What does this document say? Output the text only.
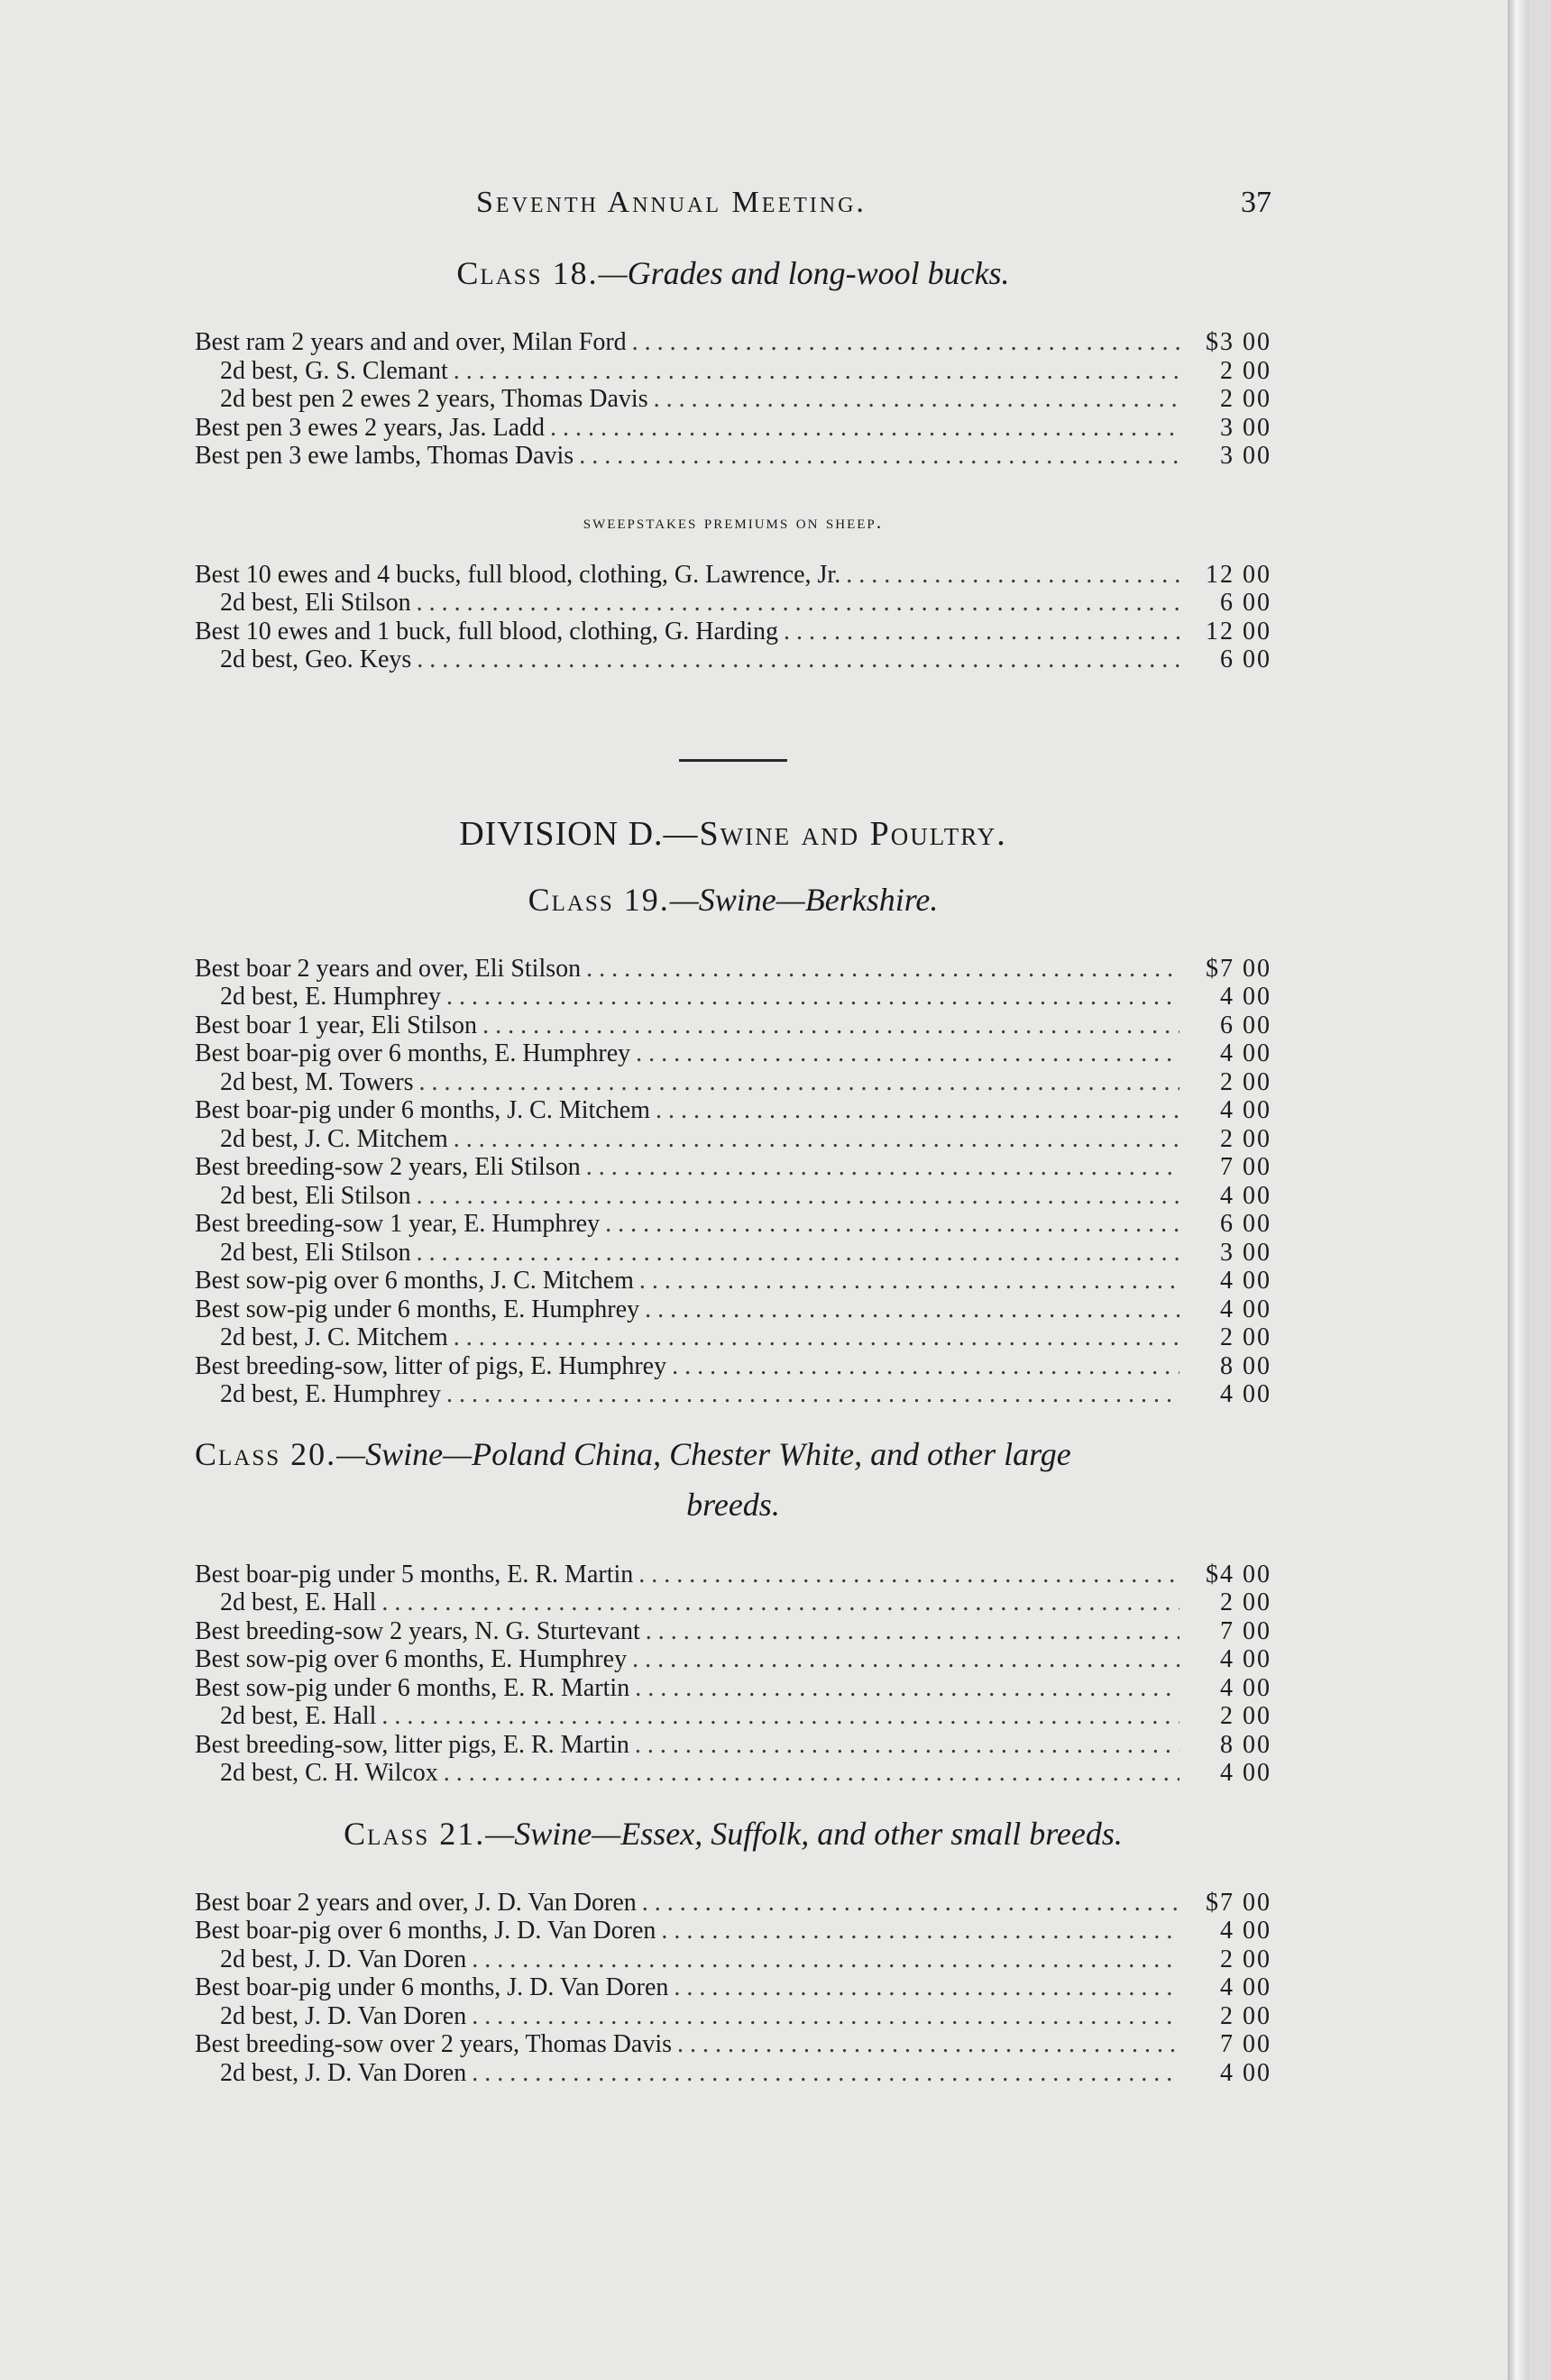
Seventh Annual Meeting.	37
Class 18.—Grades and long-wool bucks.
Best ram 2 years and and over, Milan Ford . . .	$3 00
2d best, G. S. Clemant . . .	2 00
2d best pen 2 ewes 2 years, Thomas Davis . . .	2 00
Best pen 3 ewes 2 years, Jas. Ladd . . .	3 00
Best pen 3 ewe lambs, Thomas Davis . . .	3 00
sweepstakes premiums on sheep.
Best 10 ewes and 4 bucks, full blood, clothing, G. Lawrence, Jr. . . .	12 00
2d best, Eli Stilson . . .	6 00
Best 10 ewes and 1 buck, full blood, clothing, G. Harding . . .	12 00
2d best, Geo. Keys . . .	6 00
DIVISION D.—Swine and Poultry.
Class 19.—Swine—Berkshire.
Best boar 2 years and over, Eli Stilson . . .	$7 00
2d best, E. Humphrey . . .	4 00
Best boar 1 year, Eli Stilson . . .	6 00
Best boar-pig over 6 months, E. Humphrey . . .	4 00
2d best, M. Towers . . .	2 00
Best boar-pig under 6 months, J. C. Mitchem . . .	4 00
2d best, J. C. Mitchem . . .	2 00
Best breeding-sow 2 years, Eli Stilson . . .	7 00
2d best, Eli Stilson . . .	4 00
Best breeding-sow 1 year, E. Humphrey . . .	6 00
2d best, Eli Stilson . . .	3 00
Best sow-pig over 6 months, J. C. Mitchem . . .	4 00
Best sow-pig under 6 months, E. Humphrey . . .	4 00
2d best, J. C. Mitchem . . .	2 00
Best breeding-sow, litter of pigs, E. Humphrey . . .	8 00
2d best, E. Humphrey . . .	4 00
Class 20.—Swine—Poland China, Chester White, and other large
breeds.
Best boar-pig under 5 months, E. R. Martin . . .	$4 00
2d best, E. Hall . . .	2 00
Best breeding-sow 2 years, N. G. Sturtevant . . .	7 00
Best sow-pig over 6 months, E. Humphrey . . .	4 00
Best sow-pig under 6 months, E. R. Martin . . .	4 00
2d best, E. Hall . . .	2 00
Best breeding-sow, litter pigs, E. R. Martin . . .	8 00
2d best, C. H. Wilcox . . .	4 00
Class 21.—Swine—Essex, Suffolk, and other small breeds.
Best boar 2 years and over, J. D. Van Doren . . .	$7 00
Best boar-pig over 6 months, J. D. Van Doren . . .	4 00
2d best, J. D. Van Doren . . .	2 00
Best boar-pig under 6 months, J. D. Van Doren . . .	4 00
2d best, J. D. Van Doren . . .	2 00
Best breeding-sow over 2 years, Thomas Davis . . .	7 00
2d best, J. D. Van Doren . . .	4 00
